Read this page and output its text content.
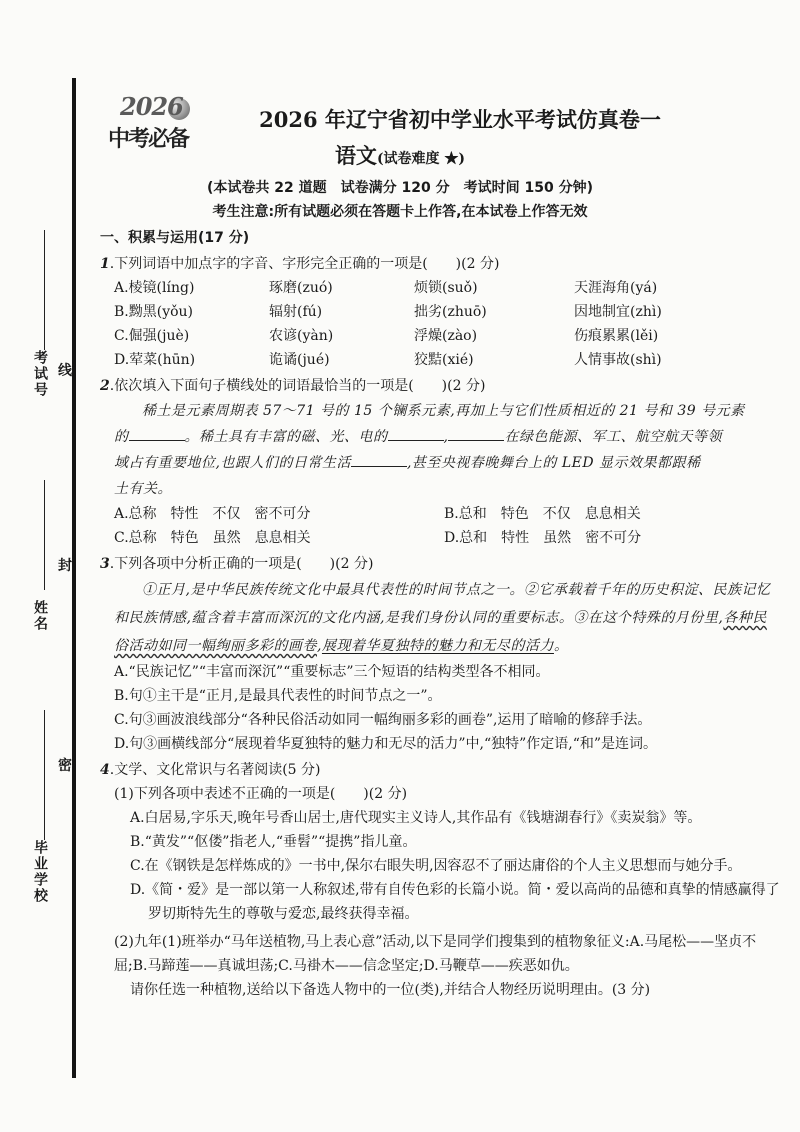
考试号 线
姓名
封
密
毕业学校
2026
中考必备
2026 年辽宁省初中学业水平考试仿真卷一
语文(试卷难度 ★)
(本试卷共 22 道题　试卷满分 120 分　考试时间 150 分钟)
考生注意:所有试题必须在答题卡上作答,在本试卷上作答无效
一、积累与运用(17 分)
1.下列词语中加点字的字音、字形完全正确的一项是(　　)(2 分)
A.棱镜(líng)	琢磨(zuó)	烦锁(suǒ)	天涯海角(yá)
B.黝黑(yǒu)	辐射(fú)	拙劣(zhuō)	因地制宜(zhì)
C.倔强(juè)	农谚(yàn)	浮燥(zào)	伤痕累累(lěi)
D.荤菜(hūn)	诡谲(jué)	狡黠(xié)	人情事故(shì)
2.依次填入下面句子横线处的词语最恰当的一项是(　　)(2 分)
稀土是元素周期表 57～71 号的 15 个镧系元素,再加上与它们性质相近的 21 号和 39 号元素
的	。稀土具有丰富的磁、光、电的	,	在绿色能源、军工、航空航天等领
域占有重要地位,也跟人们的日常生活	,甚至央视春晚舞台上的 LED 显示效果都跟稀
土有关。
A.总称　特性　不仅　密不可分	B.总和　特色　不仅　息息相关
C.总称　特色　虽然　息息相关	D.总和　特性　虽然　密不可分
3.下列各项中分析正确的一项是(　　)(2 分)
①正月,是中华民族传统文化中最具代表性的时间节点之一。②它承载着千年的历史积淀、民族记忆和民族情感,蕴含着丰富而深沉的文化内涵,是我们身份认同的重要标志。③在这个特殊的月份里,各种民俗活动如同一幅绚丽多彩的画卷,展现着华夏独特的魅力和无尽的活力。
A.“民族记忆”“丰富而深沉”“重要标志”三个短语的结构类型各不相同。
B.句①主干是“正月,是最具代表性的时间节点之一”。
C.句③画波浪线部分“各种民俗活动如同一幅绚丽多彩的画卷”,运用了暗喻的修辞手法。
D.句③画横线部分“展现着华夏独特的魅力和无尽的活力”中,“独特”作定语,“和”是连词。
4.文学、文化常识与名著阅读(5 分)
(1)下列各项中表述不正确的一项是(　　)(2 分)
A.白居易,字乐天,晚年号香山居士,唐代现实主义诗人,其作品有《钱塘湖春行》《卖炭翁》等。
B.“黄发”“伛偻”指老人,“垂髫”“提携”指儿童。
C.在《钢铁是怎样炼成的》一书中,保尔右眼失明,因容忍不了丽达庸俗的个人主义思想而与她分手。
D.《简・爱》是一部以第一人称叙述,带有自传色彩的长篇小说。简・爱以高尚的品德和真挚的情感赢得了罗切斯特先生的尊敬与爱恋,最终获得幸福。
(2)九年(1)班举办“马年送植物,马上表心意”活动,以下是同学们搜集到的植物象征义:A.马尾松——坚贞不屈;B.马蹄莲——真诚坦荡;C.马褂木——信念坚定;D.马鞭草——疾恶如仇。
请你任选一种植物,送给以下备选人物中的一位(类),并结合人物经历说明理由。(3 分)
